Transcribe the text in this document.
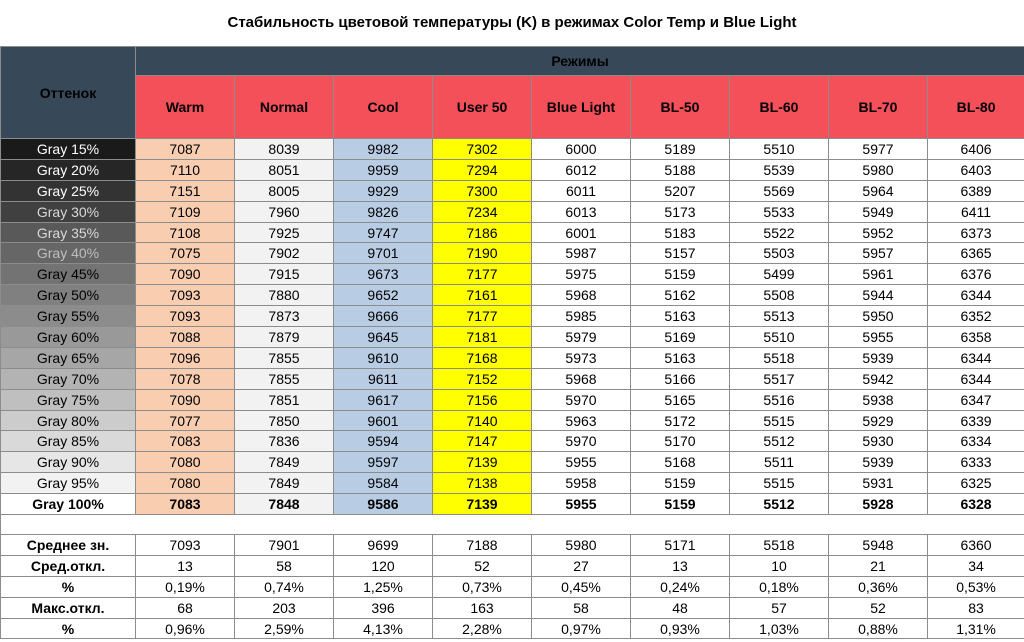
Стабильность цветовой температуры (K) в режимах Color Temp и Blue Light
Оттенок	Режимы								
	Warm	Normal	Cool	User 50	Blue Light	BL-50	BL-60	BL-70	BL-80
Gray 15%	7087	8039	9982	7302	6000	5189	5510	5977	6406
Gray 20%	7110	8051	9959	7294	6012	5188	5539	5980	6403
Gray 25%	7151	8005	9929	7300	6011	5207	5569	5964	6389
Gray 30%	7109	7960	9826	7234	6013	5173	5533	5949	6411
Gray 35%	7108	7925	9747	7186	6001	5183	5522	5952	6373
Gray 40%	7075	7902	9701	7190	5987	5157	5503	5957	6365
Gray 45%	7090	7915	9673	7177	5975	5159	5499	5961	6376
Gray 50%	7093	7880	9652	7161	5968	5162	5508	5944	6344
Gray 55%	7093	7873	9666	7177	5985	5163	5513	5950	6352
Gray 60%	7088	7879	9645	7181	5979	5169	5510	5955	6358
Gray 65%	7096	7855	9610	7168	5973	5163	5518	5939	6344
Gray 70%	7078	7855	9611	7152	5968	5166	5517	5942	6344
Gray 75%	7090	7851	9617	7156	5970	5165	5516	5938	6347
Gray 80%	7077	7850	9601	7140	5963	5172	5515	5929	6339
Gray 85%	7083	7836	9594	7147	5970	5170	5512	5930	6334
Gray 90%	7080	7849	9597	7139	5955	5168	5511	5939	6333
Gray 95%	7080	7849	9584	7138	5958	5159	5515	5931	6325
Gray 100%	7083	7848	9586	7139	5955	5159	5512	5928	6328

Среднее зн.	7093	7901	9699	7188	5980	5171	5518	5948	6360
Сред.откл.	13	58	120	52	27	13	10	21	34
%	0,19%	0,74%	1,25%	0,73%	0,45%	0,24%	0,18%	0,36%	0,53%
Макс.откл.	68	203	396	163	58	48	57	52	83
%	0,96%	2,59%	4,13%	2,28%	0,97%	0,93%	1,03%	0,88%	1,31%
